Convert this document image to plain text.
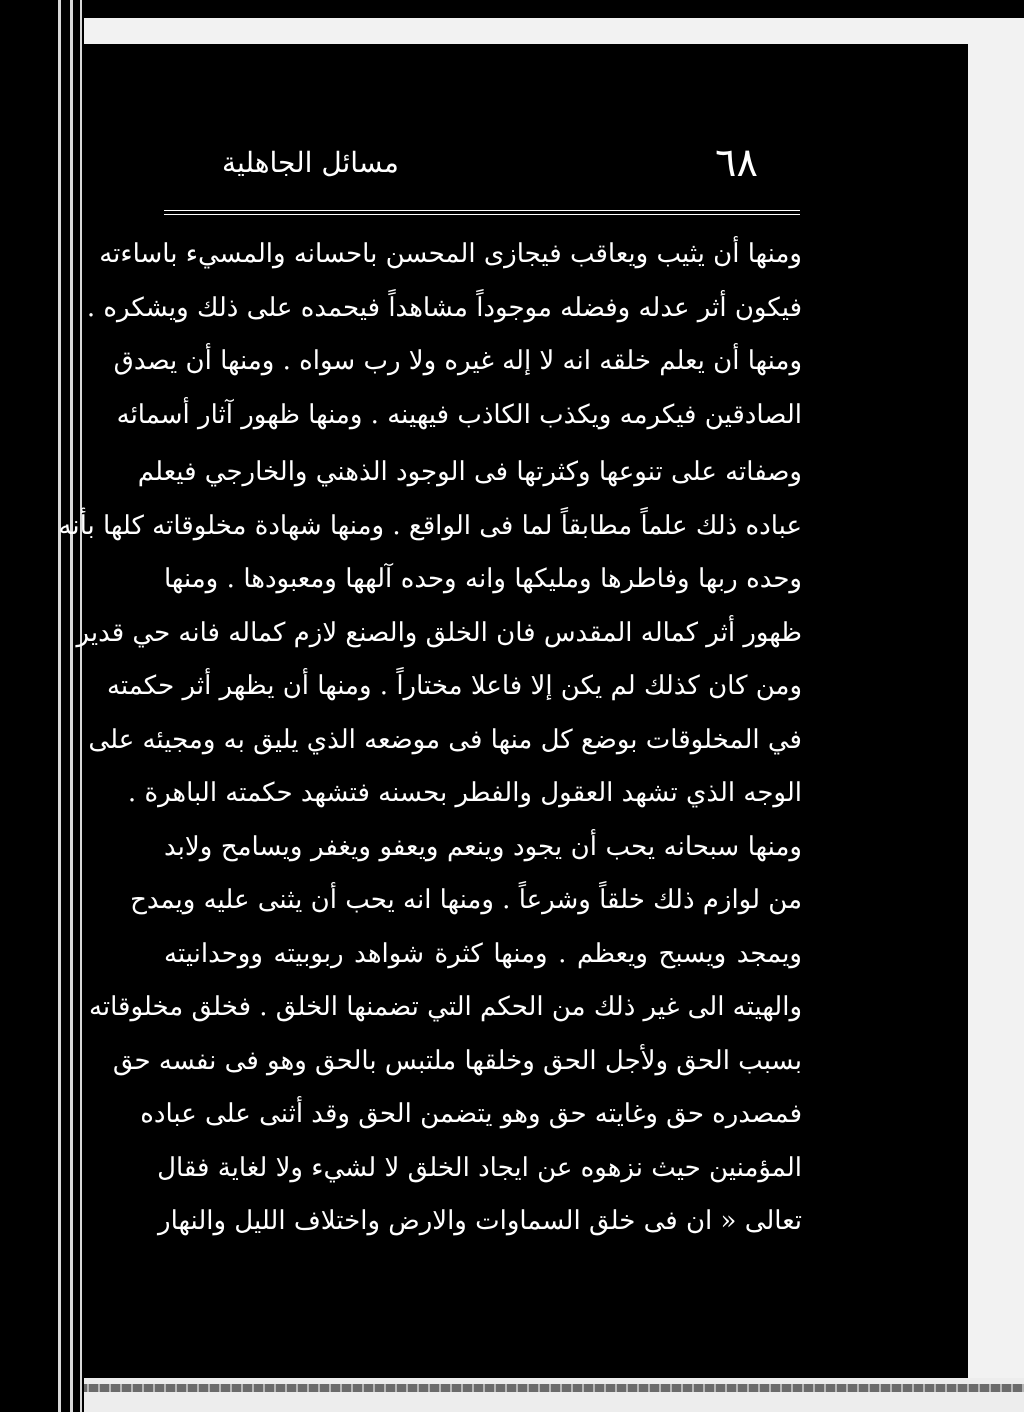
٦٨
مسائل الجاهلية
ومنها أن يثيب ويعاقب فيجازى المحسن باحسانه والمسيء باساءته
فيكون أثر عدله وفضله موجوداً مشاهداً فيحمده على ذلك ويشكره .
ومنها أن يعلم خلقه انه لا إله غيره ولا رب سواه . ومنها أن يصدق
الصادقين فيكرمه ويكذب الكاذب فيهينه . ومنها ظهور آثار أسمائه
وصفاته على تنوعها وكثرتها فى الوجود الذهني والخارجي فيعلم
عباده ذلك علماً مطابقاً لما فى الواقع . ومنها شهادة مخلوقاته كلها بأنه
وحده ربها وفاطرها ومليكها وانه وحده آلهها ومعبودها . ومنها
ظهور أثر كماله المقدس فان الخلق والصنع لازم كماله فانه حي قدير
ومن كان كذلك لم يكن إلا فاعلا مختاراً . ومنها أن يظهر أثر حكمته
في المخلوقات بوضع كل منها فى موضعه الذي يليق به ومجيئه على
الوجه الذي تشهد العقول والفطر بحسنه فتشهد حكمته الباهرة .
ومنها سبحانه يحب أن يجود وينعم ويعفو ويغفر ويسامح ولابد
من لوازم ذلك خلقاً وشرعاً . ومنها انه يحب أن يثنى عليه ويمدح
ويمجد ويسبح ويعظم . ومنها كثرة شواهد ربوبيته ووحدانيته
والهيته الى غير ذلك من الحكم التي تضمنها الخلق . فخلق مخلوقاته
بسبب الحق ولأجل الحق وخلقها ملتبس بالحق وهو فى نفسه حق
فمصدره حق وغايته حق وهو يتضمن الحق وقد أثنى على عباده
المؤمنين حيث نزهوه عن ايجاد الخلق لا لشيء ولا لغاية فقال
تعالى « ان فى خلق السماوات والارض واختلاف الليل والنهار
